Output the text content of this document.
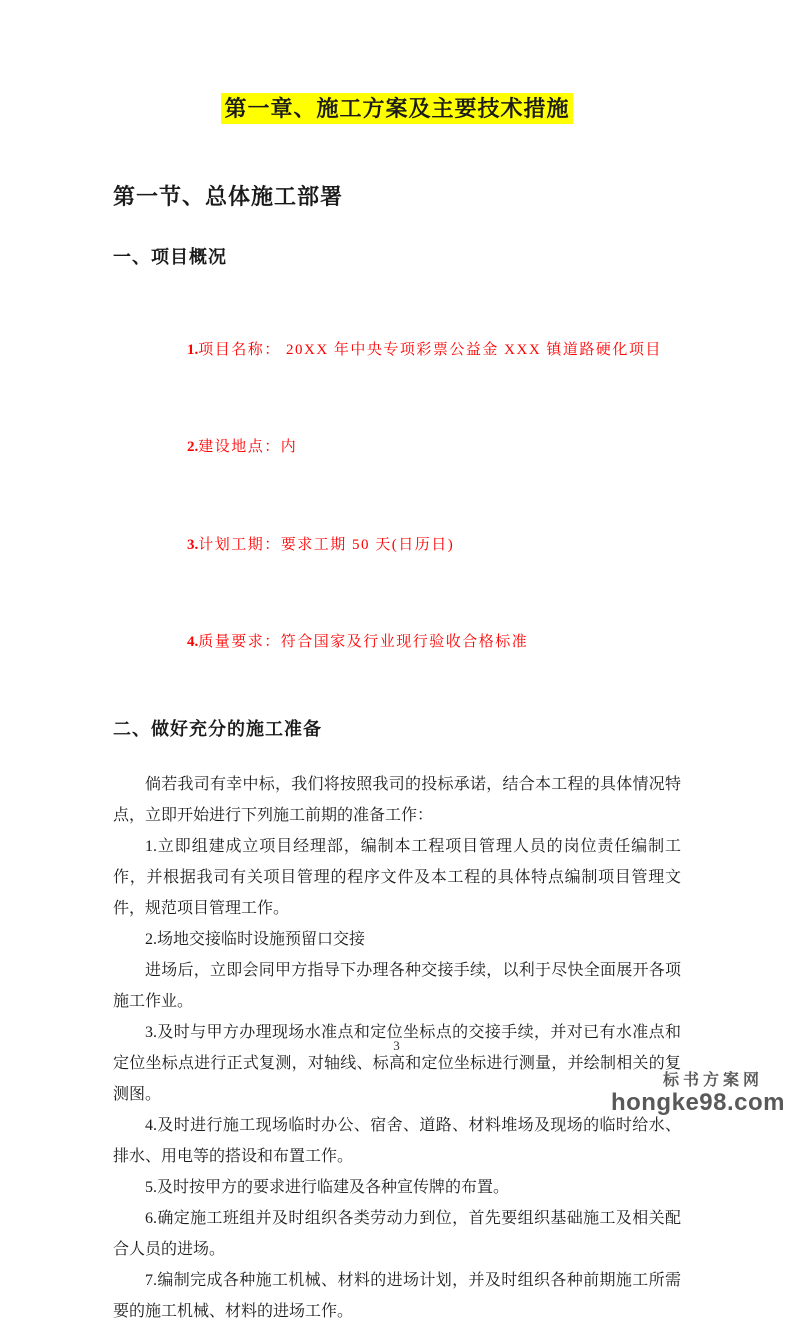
第一章、施工方案及主要技术措施
第一节、总体施工部署
一、项目概况

1.项目名称： 20XX 年中央专项彩票公益金 XXX 镇道路硬化项目

2.建设地点：内

3.计划工期：要求工期 50 天(日历日)

4.质量要求：符合国家及行业现行验收合格标准

二、做好充分的施工准备

倘若我司有幸中标，我们将按照我司的投标承诺，结合本工程的具体情况特点，立即开始进行下列施工前期的准备工作：

1.立即组建成立项目经理部，编制本工程项目管理人员的岗位责任编制工作，并根据我司有关项目管理的程序文件及本工程的具体特点编制项目管理文件，规范项目管理工作。

2.场地交接临时设施预留口交接

进场后，立即会同甲方指导下办理各种交接手续，以利于尽快全面展开各项施工作业。

3.及时与甲方办理现场水准点和定位坐标点的交接手续，并对已有水准点和定位坐标点进行正式复测，对轴线、标高和定位坐标进行测量，并绘制相关的复测图。

4.及时进行施工现场临时办公、宿舍、道路、材料堆场及现场的临时给水、排水、用电等的搭设和布置工作。

5.及时按甲方的要求进行临建及各种宣传牌的布置。

6.确定施工班组并及时组织各类劳动力到位，首先要组织基础施工及相关配合人员的进场。

7.编制完成各种施工机械、材料的进场计划，并及时组织各种前期施工所需要的施工机械、材料的进场工作。

3
标书方案网
hongke98.com
